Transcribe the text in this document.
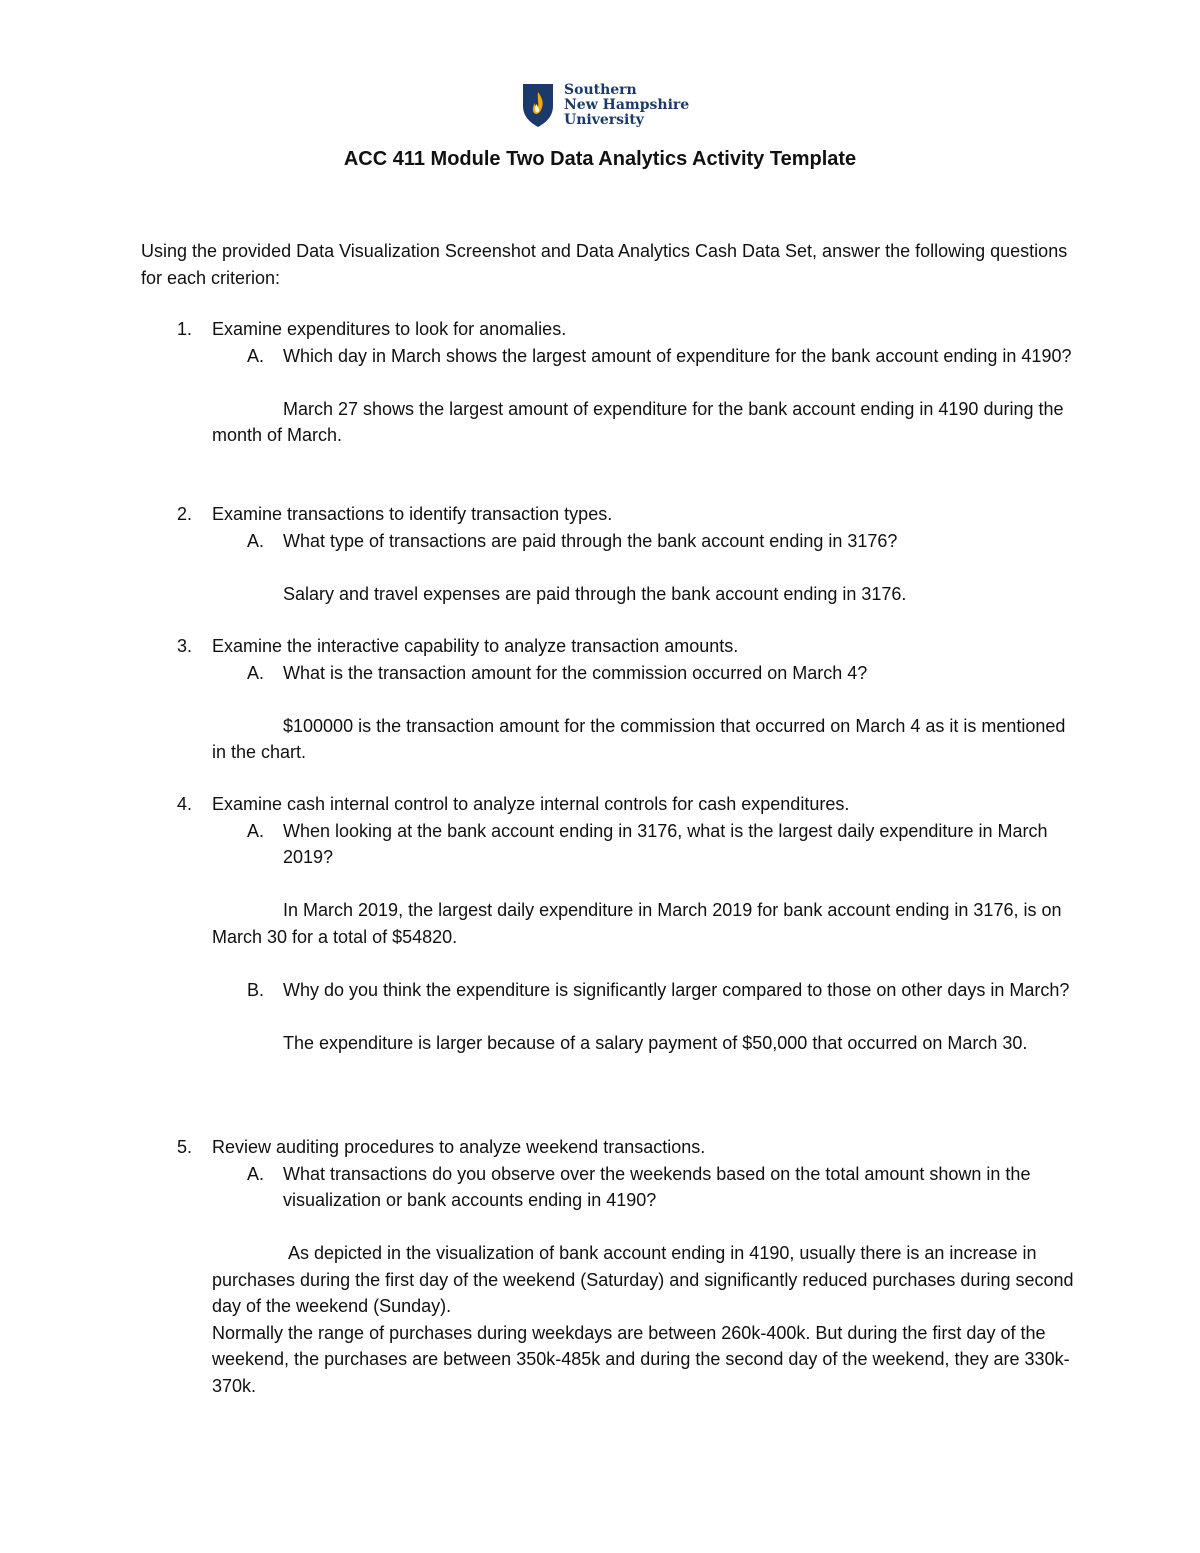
Southern
New Hampshire
University
ACC 411 Module Two Data Analytics Activity Template
Using the provided Data Visualization Screenshot and Data Analytics Cash Data Set, answer the following questions for each criterion:
1.	Examine expenditures to look for anomalies.
A.	Which day in March shows the largest amount of expenditure for the bank account ending in 4190?
March 27 shows the largest amount of expenditure for the bank account ending in 4190 during the month of March.
2.	Examine transactions to identify transaction types.
A.	What type of transactions are paid through the bank account ending in 3176?
Salary and travel expenses are paid through the bank account ending in 3176.
3.	Examine the interactive capability to analyze transaction amounts.
A.	What is the transaction amount for the commission occurred on March 4?
$100000 is the transaction amount for the commission that occurred on March 4 as it is mentioned in the chart.
4.	Examine cash internal control to analyze internal controls for cash expenditures.
A.	When looking at the bank account ending in 3176, what is the largest daily expenditure in March 2019?
In March 2019, the largest daily expenditure in March 2019 for bank account ending in 3176, is on March 30 for a total of $54820.
B.	Why do you think the expenditure is significantly larger compared to those on other days in March?
The expenditure is larger because of a salary payment of $50,000 that occurred on March 30.
5.	Review auditing procedures to analyze weekend transactions.
A.	What transactions do you observe over the weekends based on the total amount shown in the visualization or bank accounts ending in 4190?
As depicted in the visualization of bank account ending in 4190, usually there is an increase in purchases during the first day of the weekend (Saturday) and significantly reduced purchases during second day of the weekend (Sunday).
Normally the range of purchases during weekdays are between 260k-400k. But during the first day of the weekend, the purchases are between 350k-485k and during the second day of the weekend, they are 330k-370k.
